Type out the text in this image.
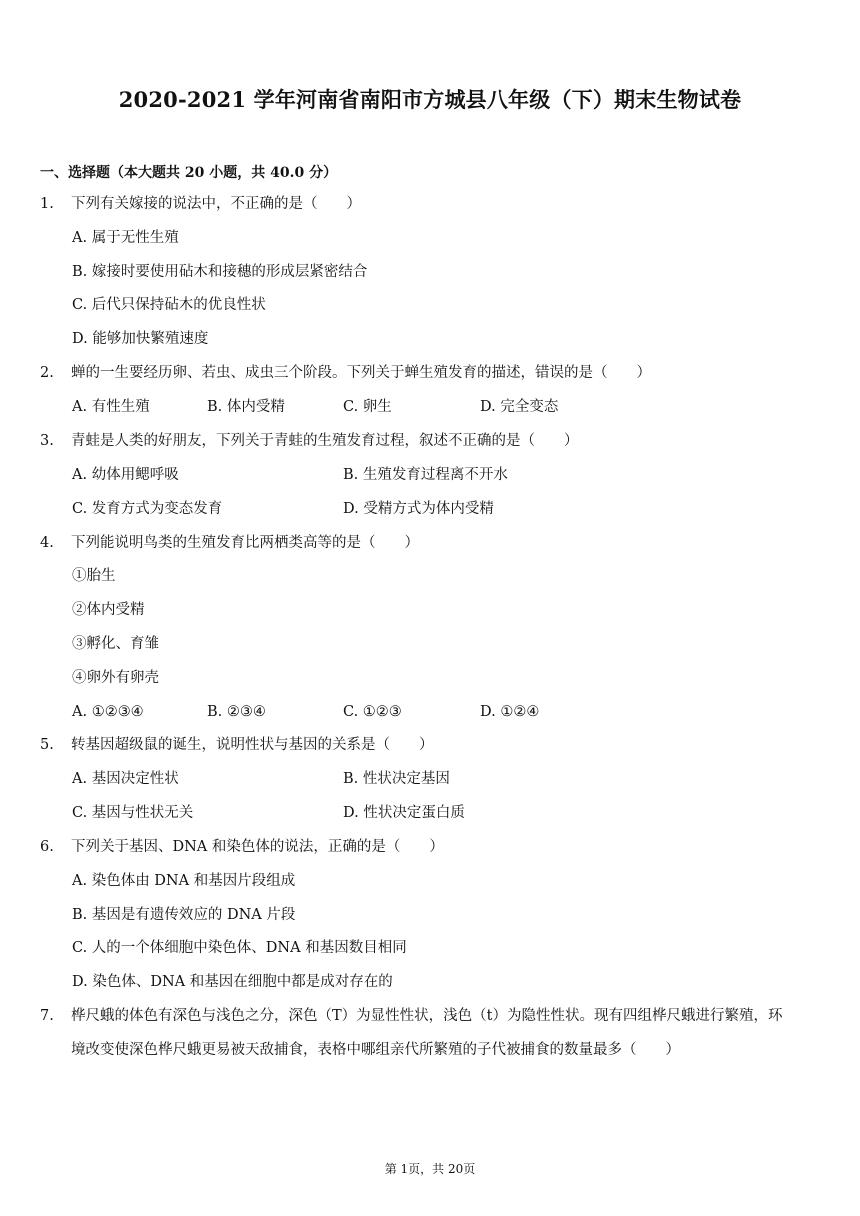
2020-2021 学年河南省南阳市方城县八年级（下）期末生物试卷
一、选择题（本大题共 20 小题，共 40.0 分）
1. 下列有关嫁接的说法中，不正确的是（　　）
A. 属于无性生殖
B. 嫁接时要使用砧木和接穗的形成层紧密结合
C. 后代只保持砧木的优良性状
D. 能够加快繁殖速度
2. 蝉的一生要经历卵、若虫、成虫三个阶段。下列关于蝉生殖发育的描述，错误的是（　　）
A. 有性生殖	B. 体内受精	C. 卵生	D. 完全变态
3. 青蛙是人类的好朋友，下列关于青蛙的生殖发育过程，叙述不正确的是（　　）
A. 幼体用鳃呼吸	B. 生殖发育过程离不开水
C. 发育方式为变态发育	D. 受精方式为体内受精
4. 下列能说明鸟类的生殖发育比两栖类高等的是（　　）
①胎生
②体内受精
③孵化、育雏
④卵外有卵壳
A. ①②③④	B. ②③④	C. ①②③	D. ①②④
5. 转基因超级鼠的诞生，说明性状与基因的关系是（　　）
A. 基因决定性状	B. 性状决定基因
C. 基因与性状无关	D. 性状决定蛋白质
6. 下列关于基因、DNA 和染色体的说法，正确的是（　　）
A. 染色体由 DNA 和基因片段组成
B. 基因是有遗传效应的 DNA 片段
C. 人的一个体细胞中染色体、DNA 和基因数目相同
D. 染色体、DNA 和基因在细胞中都是成对存在的
7. 桦尺蛾的体色有深色与浅色之分，深色（T）为显性性状，浅色（t）为隐性性状。现有四组桦尺蛾进行繁殖，环
境改变使深色桦尺蛾更易被天敌捕食，表格中哪组亲代所繁殖的子代被捕食的数量最多（　　）
第 1页，共 20页
